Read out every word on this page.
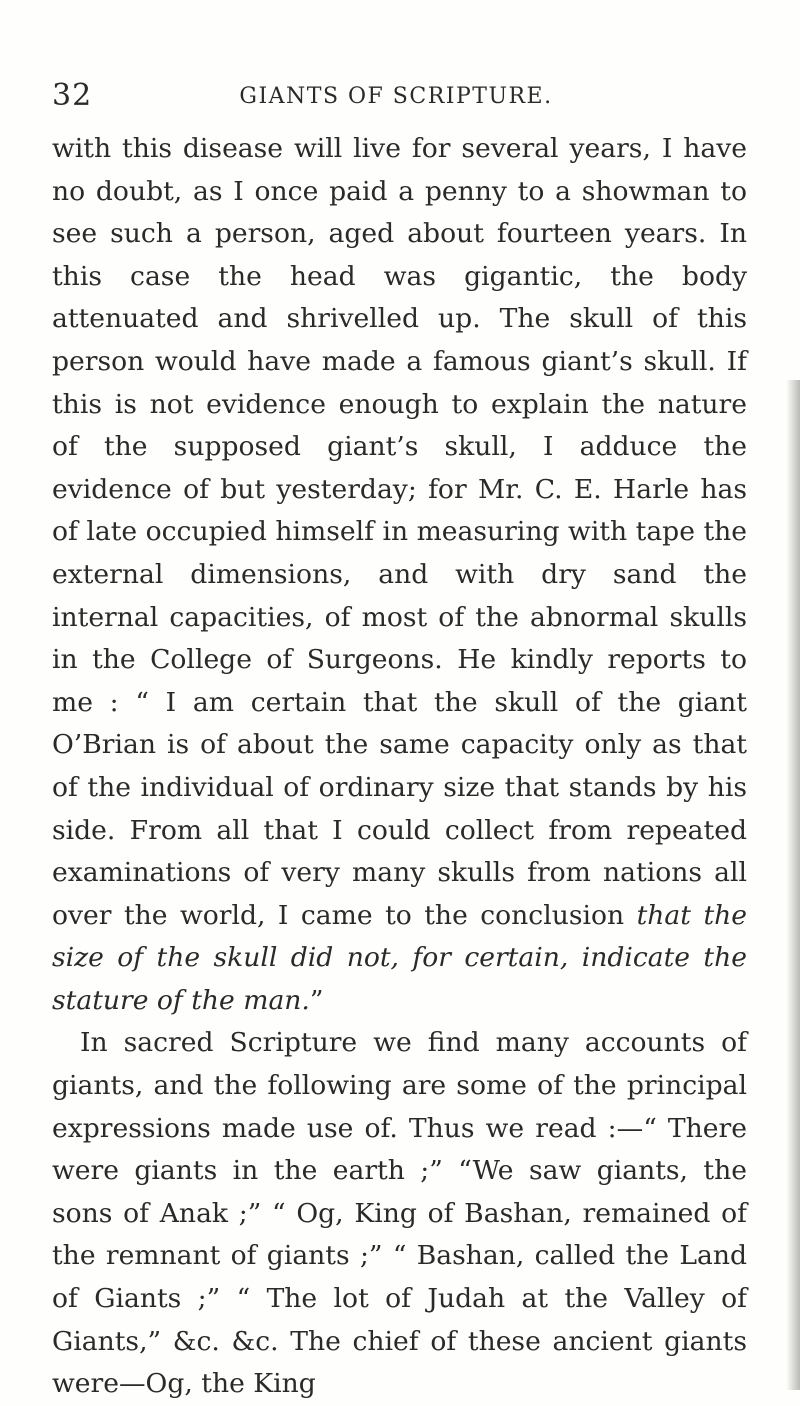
32	GIANTS OF SCRIPTURE.

with this disease will live for several years, I have no doubt, as I once paid a penny to a showman to see such a person, aged about fourteen years. In this case the head was gigantic, the body attenuated and shrivelled up. The skull of this person would have made a famous giant’s skull. If this is not evidence enough to explain the nature of the supposed giant’s skull, I adduce the evidence of but yesterday; for Mr. C. E. Harle has of late occupied himself in measuring with tape the external dimensions, and with dry sand the internal capacities, of most of the abnormal skulls in the College of Surgeons. He kindly reports to me : “ I am certain that the skull of the giant O’Brian is of about the same capacity only as that of the individual of ordinary size that stands by his side. From all that I could collect from repeated examinations of very many skulls from nations all over the world, I came to the conclusion that the size of the skull did not, for certain, indicate the stature of the man.”

In sacred Scripture we find many accounts of giants, and the following are some of the principal expressions made use of. Thus we read :—“ There were giants in the earth ;” “We saw giants, the sons of Anak ;” “ Og, King of Bashan, remained of the remnant of giants ;” “ Bashan, called the Land of Giants ;” “ The lot of Judah at the Valley of Giants,” &c. &c. The chief of these ancient giants were—Og, the King
